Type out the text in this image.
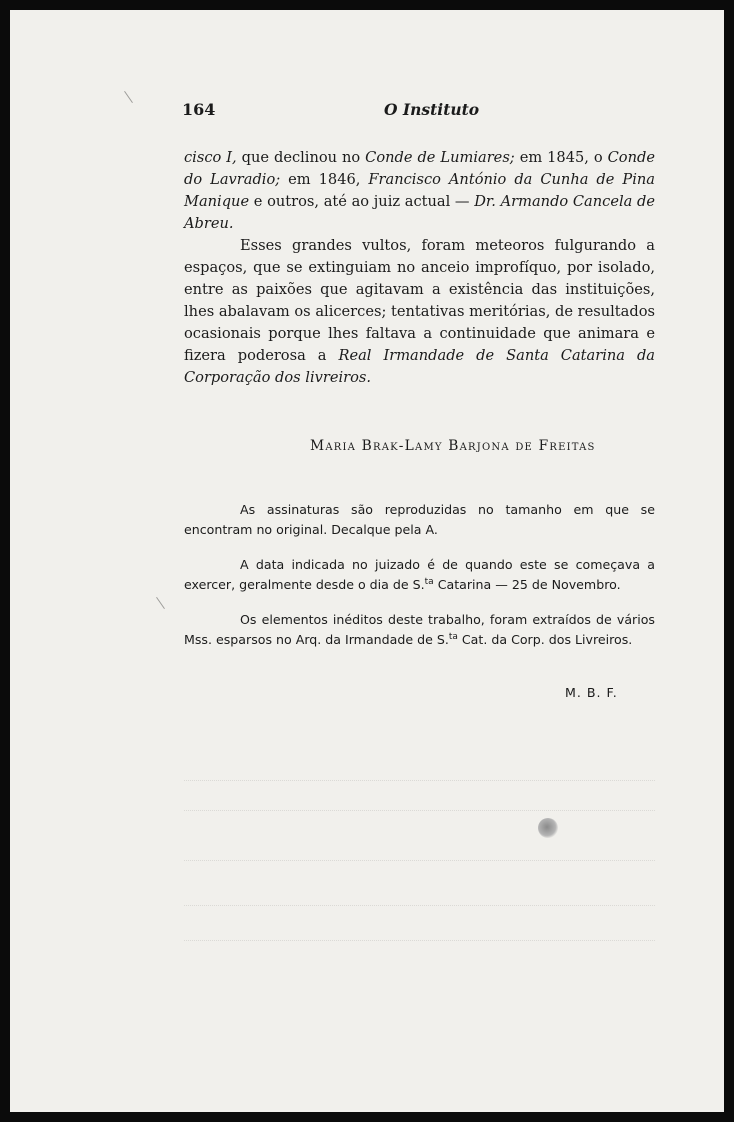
164	O Instituto

cisco I, que declinou no Conde de Lumiares; em 1845, o Conde do Lavradio; em 1846, Francisco António da Cunha de Pina Manique e outros, até ao juiz actual — Dr. Armando Cancela de Abreu.

Esses grandes vultos, foram meteoros fulgurando a espaços, que se extinguiam no anceio improfíquo, por isolado, entre as paixões que agitavam a existência das instituições, lhes abalavam os alicerces; tentativas meritórias, de resultados ocasionais porque lhes faltava a continuidade que animara e fizera poderosa a Real Irmandade de Santa Catarina da Corporação dos livreiros.

Maria Brak-Lamy Barjona de Freitas

As assinaturas são reproduzidas no tamanho em que se encontram no original. Decalque pela A.

A data indicada no juizado é de quando este se começava a exercer, geralmente desde o dia de S.$^{ta}$ Catarina — 25 de Novembro.

Os elementos inéditos deste trabalho, foram extraídos de vários Mss. esparsos no Arq. da Irmandade de S.$^{ta}$ Cat. da Corp. dos Livreiros.

M. B. F.
